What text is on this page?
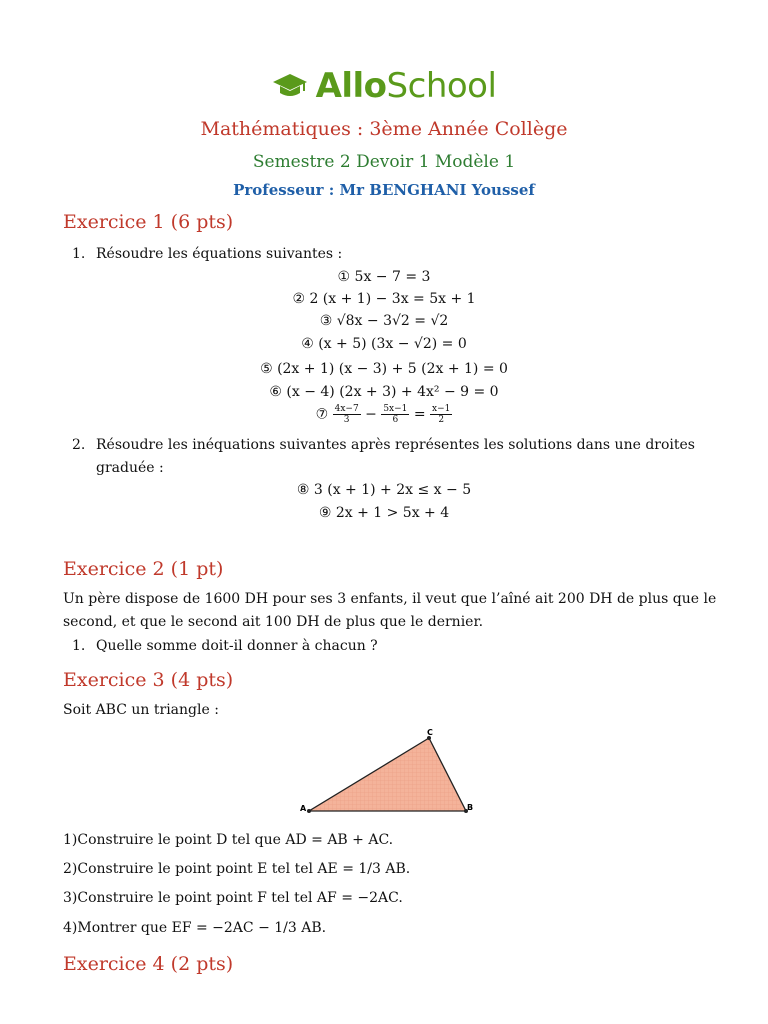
AlloSchool
Mathématiques : 3ème Année Collège
Semestre 2 Devoir 1 Modèle 1
Professeur : Mr BENGHANI Youssef
Exercice 1 (6 pts)
1. Résoudre les équations suivantes :
① 5x − 7 = 3
② 2 (x + 1) − 3x = 5x + 1
③ √8x − 3√2 = √2
④ (x + 5) (3x − √2) = 0
⑤ (2x + 1) (x − 3) + 5 (2x + 1) = 0
⑥ (x − 4) (2x + 3) + 4x² − 9 = 0
⑦ $\frac{4x-7}{3} - \frac{5x-1}{6} = \frac{x-1}{2}$
2. Résoudre les inéquations suivantes après représentes les solutions dans une droites
graduée :
⑧ 3 (x + 1) + 2x ≤ x − 5
⑨ 2x + 1 > 5x + 4
Exercice 2 (1 pt)
Un père dispose de 1600 DH pour ses 3 enfants, il veut que l’aîné ait 200 DH de plus que le
second, et que le second ait 100 DH de plus que le dernier.
1. Quelle somme doit-il donner à chacun ?
Exercice 3 (4 pts)
Soit ABC un triangle :
A	B
C
1)Construire le point D tel que AD = AB + AC.
2)Construire le point point E tel tel AE = 1/3 AB.
3)Construire le point point F tel tel AF = −2AC.
4)Montrer que EF = −2AC − 1/3 AB.
Exercice 4 (2 pts)
